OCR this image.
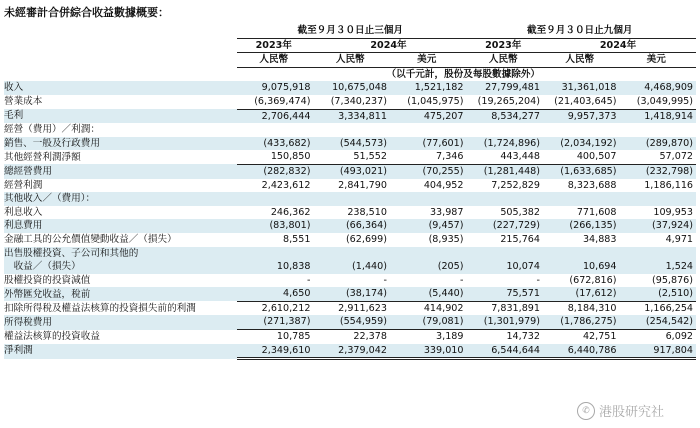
未經審計合併綜合收益數據概要：
	截至９月３０日止三個月			截至９月３０日止九個月		
	2023年	2024年		2023年	2024年	
	人民幣	人民幣	美元	人民幣	人民幣	美元
		（以千元計，股份及每股數據除外）				
收入	9,075,918	10,675,048	1,521,182	27,799,481	31,361,018	4,468,909
營業成本	(6,369,474)	(7,340,237)	(1,045,975)	(19,265,204)	(21,403,645)	(3,049,995)
毛利	2,706,444	3,334,811	475,207	8,534,277	9,957,373	1,418,914
經營（費用）／利潤：						
銷售、一般及行政費用	(433,682)	(544,573)	(77,601)	(1,724,896)	(2,034,192)	(289,870)
其他經營利潤淨額	150,850	51,552	7,346	443,448	400,507	57,072
總經營費用	(282,832)	(493,021)	(70,255)	(1,281,448)	(1,633,685)	(232,798)
經營利潤	2,423,612	2,841,790	404,952	7,252,829	8,323,688	1,186,116
其他收入／（費用）：						
利息收入	246,362	238,510	33,987	505,382	771,608	109,953
利息費用	(83,801)	(66,364)	(9,457)	(227,729)	(266,135)	(37,924)
金融工具的公允價值變動收益／（損失）	8,551	(62,699)	(8,935)	215,764	34,883	4,971
出售股權投資、子公司和其他的						
　收益／（損失）	10,838	(1,440)	(205)	10,074	10,694	1,524
股權投資的投資減值	-	-	-	-	(672,816)	(95,876)
外幣匯兌收益，稅前	4,650	(38,174)	(5,440)	75,571	(17,612)	(2,510)
扣除所得稅及權益法核算的投資損失前的利潤	2,610,212	2,911,623	414,902	7,831,891	8,184,310	1,166,254
所得稅費用	(271,387)	(554,959)	(79,081)	(1,301,979)	(1,786,275)	(254,542)
權益法核算的投資收益	10,785	22,378	3,189	14,732	42,751	6,092
淨利潤	2,349,610	2,379,042	339,010	6,544,644	6,440,786	917,804
✆ 港股研究社
